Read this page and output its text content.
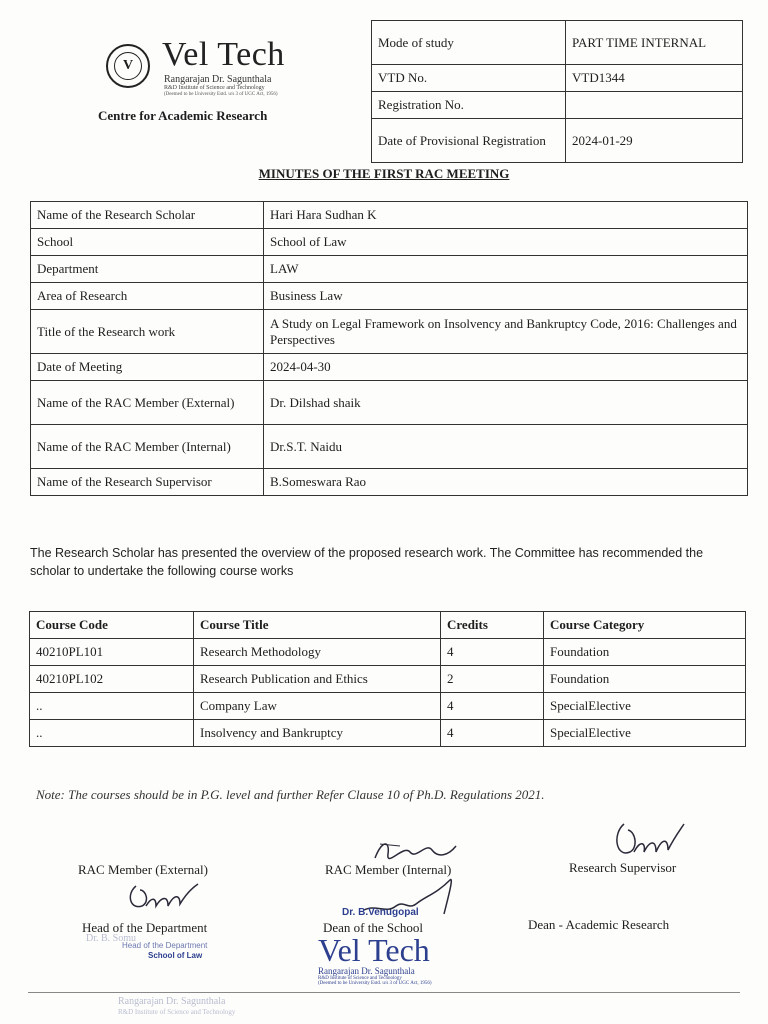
V Vel Tech
Rangarajan Dr. Sagunthala
R&D Institute of Science and Technology
(Deemed to be University Estd. u/s 3 of UGC Act, 1956)
Centre for Academic Research
Mode of study	PART TIME INTERNAL
VTD No.	VTD1344
Registration No.	
Date of Provisional Registration	2024-01-29
MINUTES OF THE FIRST RAC MEETING
Name of the Research Scholar	Hari Hara Sudhan K
School	School of Law
Department	LAW
Area of Research	Business Law
Title of the Research work	A Study on Legal Framework on Insolvency and Bankruptcy Code, 2016: Challenges and Perspectives
Date of Meeting	2024-04-30
Name of the RAC Member (External)	Dr. Dilshad shaik
Name of the RAC Member (Internal)	Dr.S.T. Naidu
Name of the Research Supervisor	B.Someswara Rao
The Research Scholar has presented the overview of the proposed research work. The Committee has recommended the scholar to undertake the following course works
Course Code	Course Title	Credits	Course Category
40210PL101	Research Methodology	4	Foundation
40210PL102	Research Publication and Ethics	2	Foundation
..	Company Law	4	SpecialElective
..	Insolvency and Bankruptcy	4	SpecialElective
Note: The courses should be in P.G. level and further Refer Clause 10 of Ph.D. Regulations 2021.
RAC Member (External)	RAC Member (Internal)	Research Supervisor
Head of the Department	Dean of the School	Dean - Academic Research
Dr. B.Venugopal
Dr. B. Somu
Head of the Department
School of Law	Vel Tech
Rangarajan Dr. Sagunthala
R&D Institute of Science and Technology
(Deemed to be University Estd. u/s 3 of UGC Act, 1956)
Rangarajan Dr. Sagunthala
R&D Institute of Science and Technology
